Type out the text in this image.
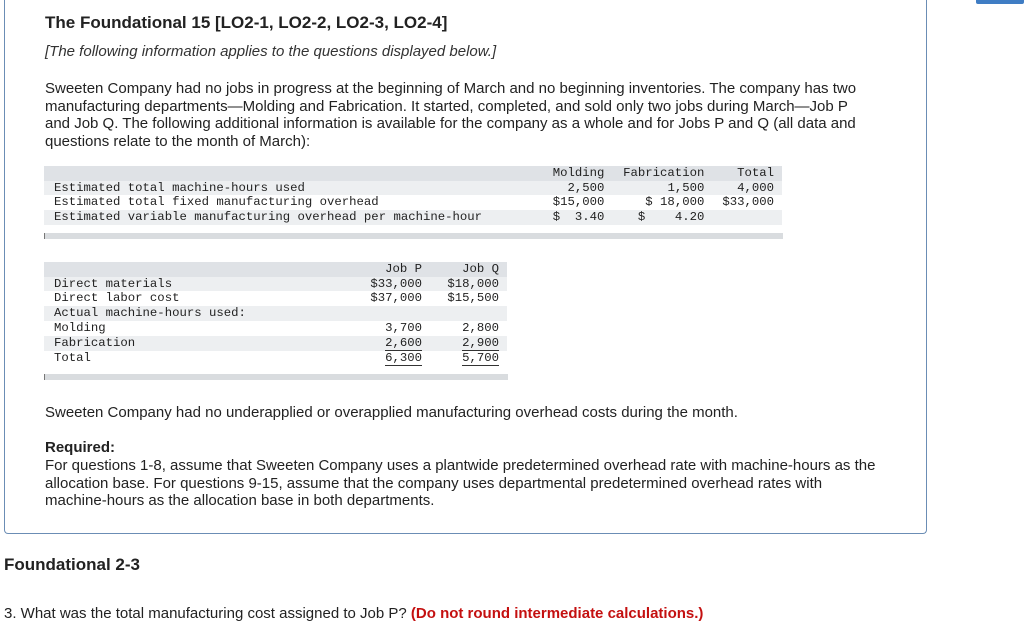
The Foundational 15 [LO2-1, LO2-2, LO2-3, LO2-4]
[The following information applies to the questions displayed below.]
Sweeten Company had no jobs in progress at the beginning of March and no beginning inventories. The company has two manufacturing departments—Molding and Fabrication. It started, completed, and sold only two jobs during March—Job P and Job Q. The following additional information is available for the company as a whole and for Jobs P and Q (all data and questions relate to the month of March):
	Molding	Fabrication	Total
Estimated total machine-hours used	2,500	1,500	4,000
Estimated total fixed manufacturing overhead	$15,000	$ 18,000	$33,000
Estimated variable manufacturing overhead per machine-hour	$  3.40	$    4.20	
	Job P	Job Q
Direct materials	$33,000	$18,000
Direct labor cost	$37,000	$15,500
Actual machine-hours used:		
Molding	3,700	2,800
Fabrication	2,600	2,900
Total	6,300	5,700
Sweeten Company had no underapplied or overapplied manufacturing overhead costs during the month.
Required:
For questions 1-8, assume that Sweeten Company uses a plantwide predetermined overhead rate with machine-hours as the allocation base. For questions 9-15, assume that the company uses departmental predetermined overhead rates with machine-hours as the allocation base in both departments.
Foundational 2-3
3. What was the total manufacturing cost assigned to Job P? (Do not round intermediate calculations.)
